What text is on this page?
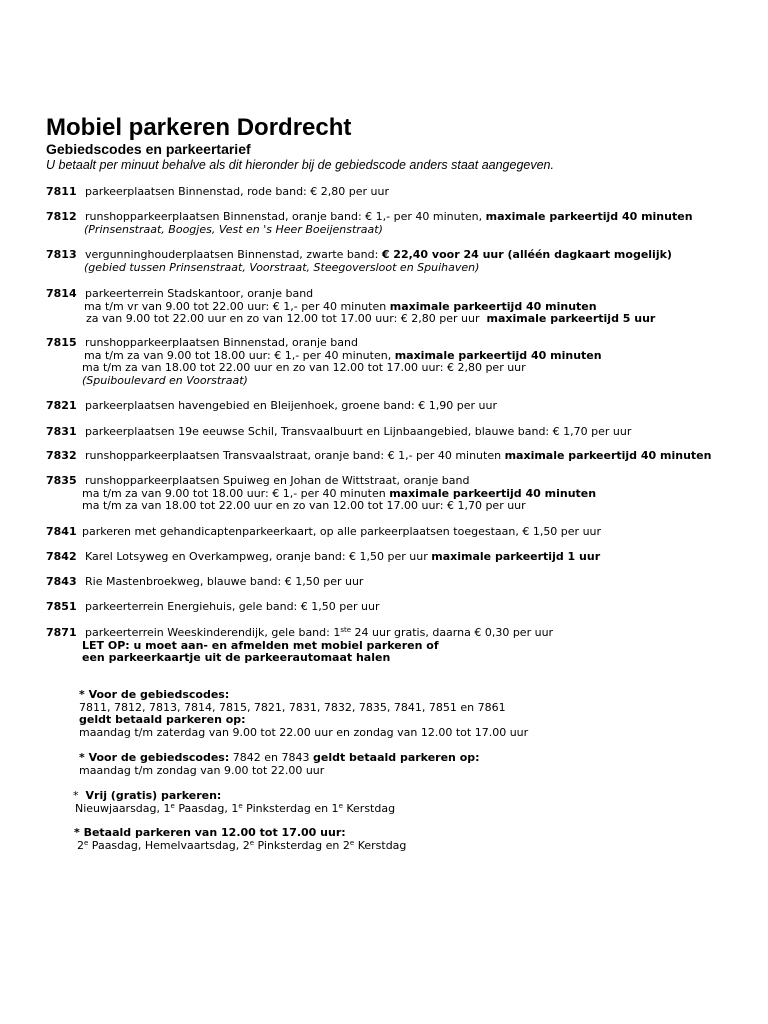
Mobiel parkeren Dordrecht
Gebiedscodes en parkeertarief

U betaalt per minuut behalve als dit hieronder bij de gebiedscode anders staat aangegeven.

7811 parkeerplaatsen Binnenstad, rode band: € 2,80 per uur
7812 runshopparkeerplaatsen Binnenstad, oranje band: € 1,- per 40 minuten, maximale parkeertijd 40 minuten
(Prinsenstraat, Boogjes, Vest en 's Heer Boeijenstraat)
7813 vergunninghouderplaatsen Binnenstad, zwarte band: € 22,40 voor 24 uur (alléén dagkaart mogelijk)
(gebied tussen Prinsenstraat, Voorstraat, Steegoversloot en Spuihaven)
7814 parkeerterrein Stadskantoor, oranje band
ma t/m vr van 9.00 tot 22.00 uur: € 1,- per 40 minuten maximale parkeertijd 40 minuten
za van 9.00 tot 22.00 uur en zo van 12.00 tot 17.00 uur: € 2,80 per uur maximale parkeertijd 5 uur
7815 runshopparkeerplaatsen Binnenstad, oranje band
ma t/m za van 9.00 tot 18.00 uur: € 1,- per 40 minuten, maximale parkeertijd 40 minuten
ma t/m za van 18.00 tot 22.00 uur en zo van 12.00 tot 17.00 uur: € 2,80 per uur
(Spuiboulevard en Voorstraat)
7821 parkeerplaatsen havengebied en Bleijenhoek, groene band: € 1,90 per uur
7831 parkeerplaatsen 19e eeuwse Schil, Transvaalbuurt en Lijnbaangebied, blauwe band: € 1,70 per uur
7832 runshopparkeerplaatsen Transvaalstraat, oranje band: € 1,- per 40 minuten maximale parkeertijd 40 minuten
7835 runshopparkeerplaatsen Spuiweg en Johan de Wittstraat, oranje band
ma t/m za van 9.00 tot 18.00 uur: € 1,- per 40 minuten maximale parkeertijd 40 minuten
ma t/m za van 18.00 tot 22.00 uur en zo van 12.00 tot 17.00 uur: € 1,70 per uur
7841 parkeren met gehandicaptenparkeerkaart, op alle parkeerplaatsen toegestaan, € 1,50 per uur
7842 Karel Lotsyweg en Overkampweg, oranje band: € 1,50 per uur maximale parkeertijd 1 uur
7843 Rie Mastenbroekweg, blauwe band: € 1,50 per uur
7851 parkeerterrein Energiehuis, gele band: € 1,50 per uur
7871 parkeerterrein Weeskinderendijk, gele band: 1ste 24 uur gratis, daarna € 0,30 per uur
LET OP: u moet aan- en afmelden met mobiel parkeren of
een parkeerkaartje uit de parkeerautomaat halen
* Voor de gebiedscodes:
7811, 7812, 7813, 7814, 7815, 7821, 7831, 7832, 7835, 7841, 7851 en 7861
geldt betaald parkeren op:
maandag t/m zaterdag van 9.00 tot 22.00 uur en zondag van 12.00 tot 17.00 uur
* Voor de gebiedscodes: 7842 en 7843 geldt betaald parkeren op:
maandag t/m zondag van 9.00 tot 22.00 uur
* Vrij (gratis) parkeren:
Nieuwjaarsdag, 1e Paasdag, 1e Pinksterdag en 1e Kerstdag
* Betaald parkeren van 12.00 tot 17.00 uur:
2e Paasdag, Hemelvaartsdag, 2e Pinksterdag en 2e Kerstdag
